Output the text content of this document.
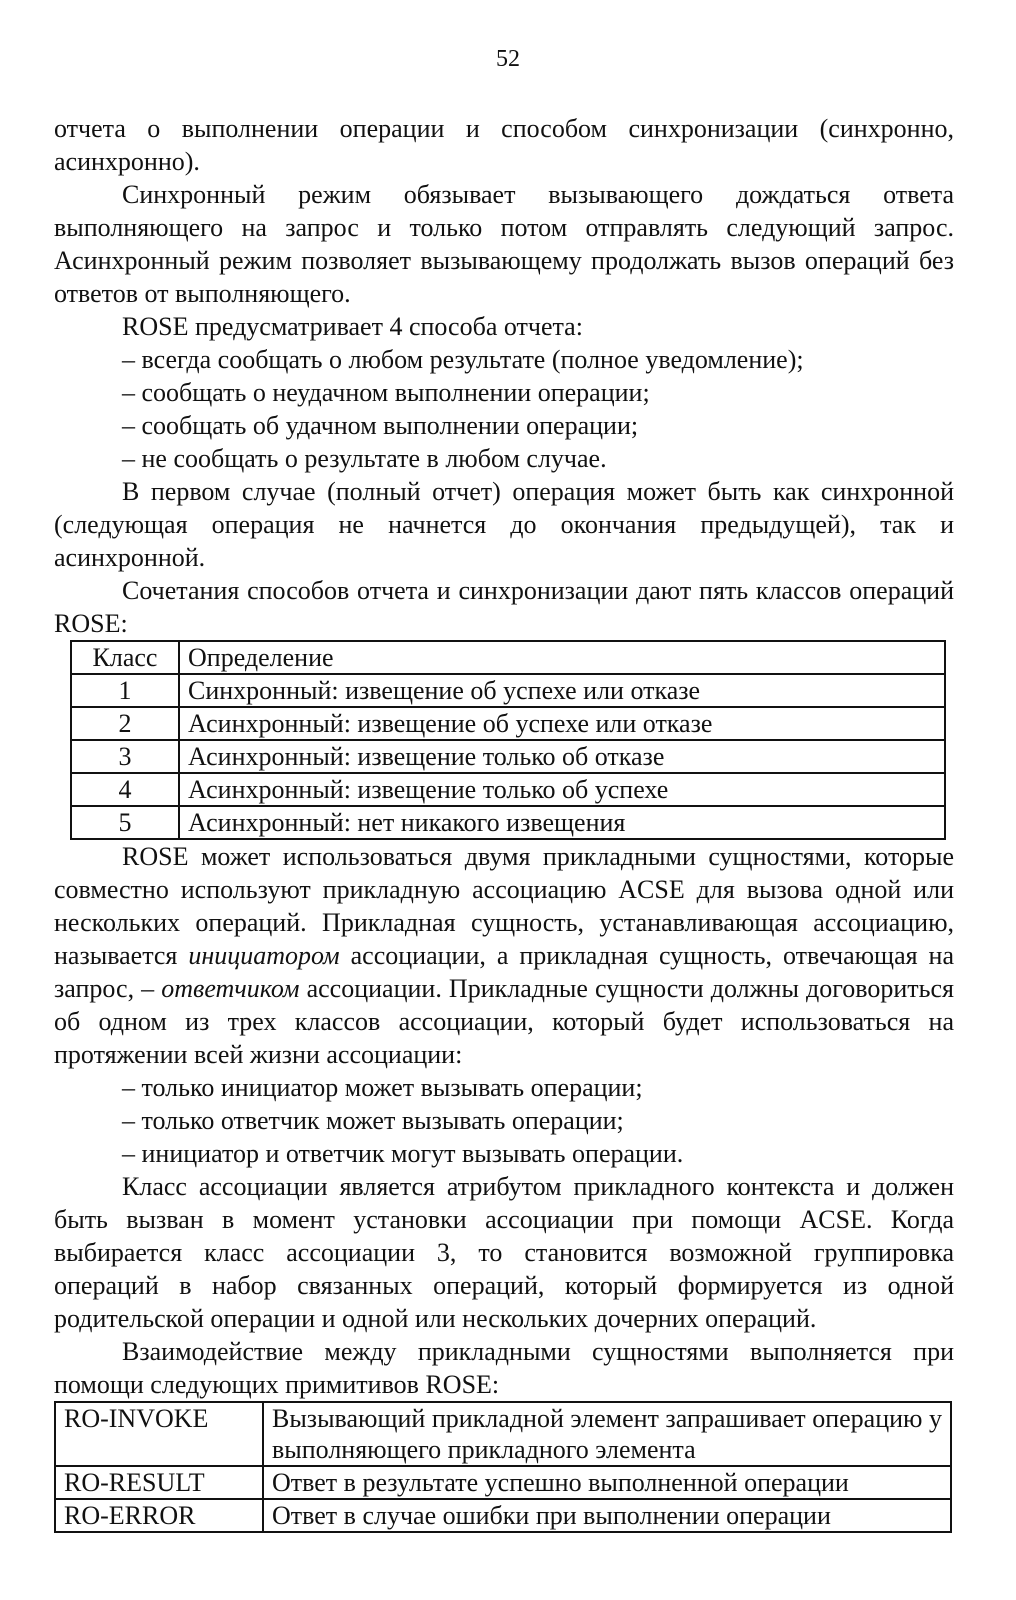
52

отчета о выполнении операции и способом синхронизации (синхронно, асинхронно).

Синхронный режим обязывает вызывающего дождаться ответа выполняющего на запрос и только потом отправлять следующий запрос. Асинхронный режим позволяет вызывающему продолжать вызов операций без ответов от выполняющего.

ROSE предусматривает 4 способа отчета:

– всегда сообщать о любом результате (полное уведомление);
– сообщать о неудачном выполнении операции;
– сообщать об удачном выполнении операции;
– не сообщать о результате в любом случае.

В первом случае (полный отчет) операция может быть как синхронной (следующая операция не начнется до окончания предыдущей), так и асинхронной.

Сочетания способов отчета и синхронизации дают пять классов операций ROSE:

Класс	Определение
1	Синхронный: извещение об успехе или отказе
2	Асинхронный: извещение об успехе или отказе
3	Асинхронный: извещение только об отказе
4	Асинхронный: извещение только об успехе
5	Асинхронный: нет никакого извещения

ROSE может использоваться двумя прикладными сущностями, которые совместно используют прикладную ассоциацию ACSE для вызова одной или нескольких операций. Прикладная сущность, устанавливающая ассоциацию, называется инициатором ассоциации, а прикладная сущность, отвечающая на запрос, – ответчиком ассоциации. Прикладные сущности должны договориться об одном из трех классов ассоциации, который будет использоваться на протяжении всей жизни ассоциации:

– только инициатор может вызывать операции;
– только ответчик может вызывать операции;
– инициатор и ответчик могут вызывать операции.

Класс ассоциации является атрибутом прикладного контекста и должен быть вызван в момент установки ассоциации при помощи ACSE. Когда выбирается класс ассоциации 3, то становится возможной группировка операций в набор связанных операций, который формируется из одной родительской операции и одной или нескольких дочерних операций.

Взаимодействие между прикладными сущностями выполняется при помощи следующих примитивов ROSE:

RO-INVOKE	Вызывающий прикладной элемент запрашивает операцию у выполняющего прикладного элемента
RO-RESULT	Ответ в результате успешно выполненной операции
RO-ERROR	Ответ в случае ошибки при выполнении операции
